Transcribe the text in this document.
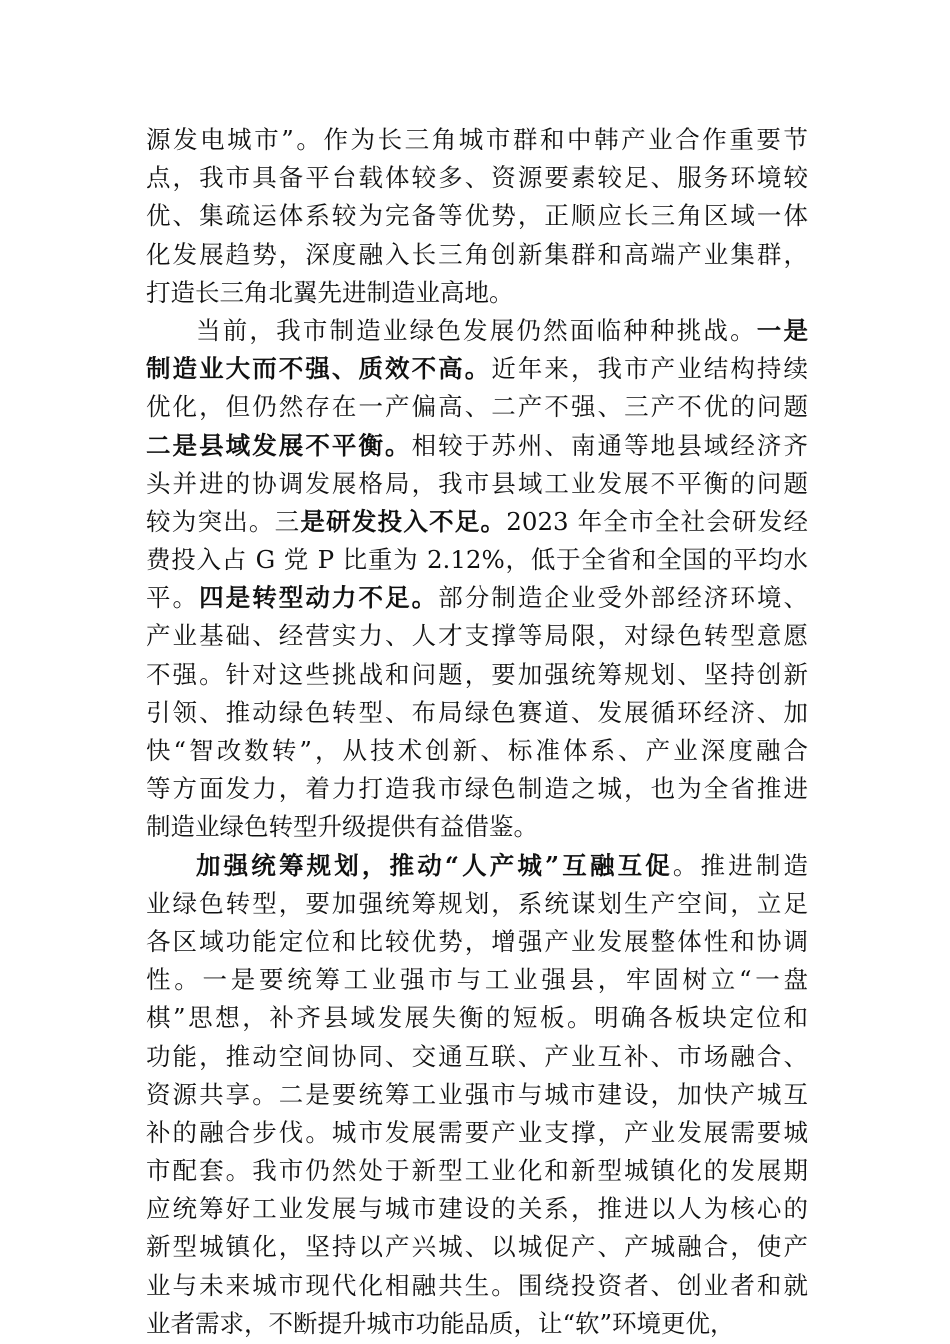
源发电城市”。作为长三角城市群和中韩产业合作重要节
点，我市具备平台载体较多、资源要素较足、服务环境较
优、集疏运体系较为完备等优势，正顺应长三角区域一体
化发展趋势，深度融入长三角创新集群和高端产业集群，
打造长三角北翼先进制造业高地。
当前，我市制造业绿色发展仍然面临种种挑战。一是
制造业大而不强、质效不高。近年来，我市产业结构持续
优化，但仍然存在一产偏高、二产不强、三产不优的问题
二是县域发展不平衡。相较于苏州、南通等地县域经济齐
头并进的协调发展格局，我市县域工业发展不平衡的问题
较为突出。三是研发投入不足。2023 年全市全社会研发经
费投入占 G 党 P 比重为 2.12%，低于全省和全国的平均水
平。四是转型动力不足。部分制造企业受外部经济环境、
产业基础、经营实力、人才支撑等局限，对绿色转型意愿
不强。针对这些挑战和问题，要加强统筹规划、坚持创新
引领、推动绿色转型、布局绿色赛道、发展循环经济、加
快“智改数转”，从技术创新、标准体系、产业深度融合
等方面发力，着力打造我市绿色制造之城，也为全省推进
制造业绿色转型升级提供有益借鉴。
加强统筹规划，推动“人产城”互融互促。推进制造
业绿色转型，要加强统筹规划，系统谋划生产空间，立足
各区域功能定位和比较优势，增强产业发展整体性和协调
性。一是要统筹工业强市与工业强县，牢固树立“一盘
棋”思想，补齐县域发展失衡的短板。明确各板块定位和
功能，推动空间协同、交通互联、产业互补、市场融合、
资源共享。二是要统筹工业强市与城市建设，加快产城互
补的融合步伐。城市发展需要产业支撑，产业发展需要城
市配套。我市仍然处于新型工业化和新型城镇化的发展期
应统筹好工业发展与城市建设的关系，推进以人为核心的
新型城镇化，坚持以产兴城、以城促产、产城融合，使产
业与未来城市现代化相融共生。围绕投资者、创业者和就
业者需求，不断提升城市功能品质，让“软”环境更优，
